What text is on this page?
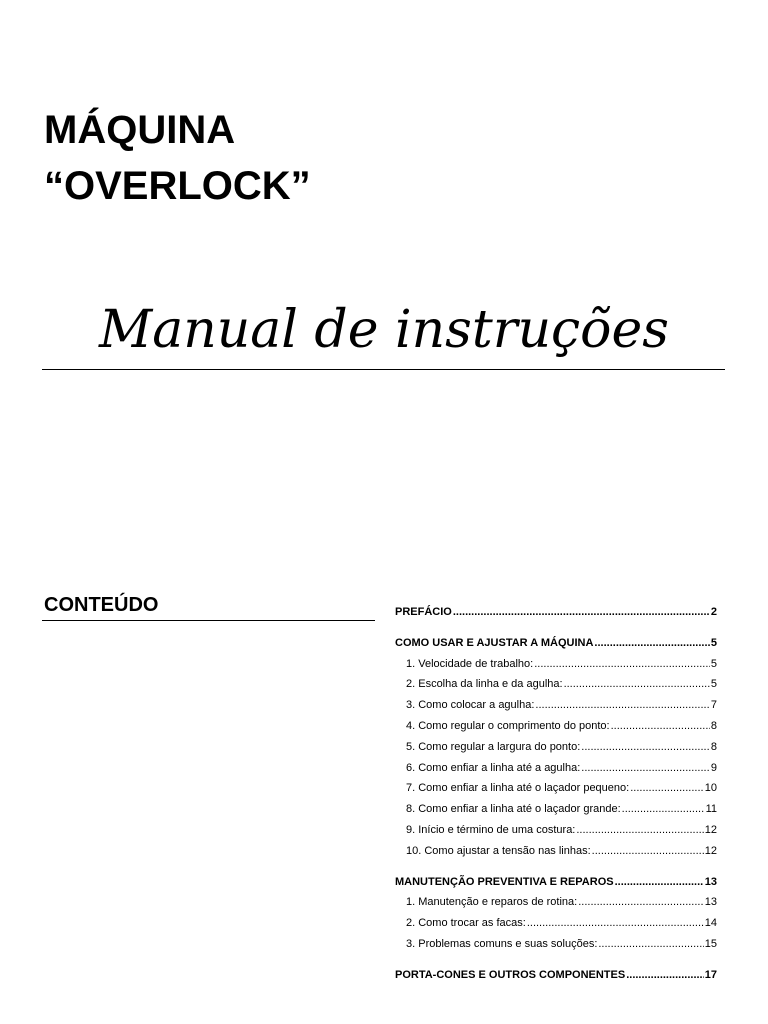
MÁQUINA
“OVERLOCK”
Manual de instruções
CONTEÚDO	PREFÁCIO .....	2
COMO USAR E AJUSTAR A MÁQUINA .....	5
1. Velocidade de trabalho: .....	5
2. Escolha da linha e da agulha: .....	5
3. Como colocar a agulha: .....	7
4. Como regular o comprimento do ponto: .....	8
5. Como regular a largura do ponto: .....	8
6. Como enfiar a linha até a agulha: .....	9
7. Como enfiar a linha até o laçador pequeno: .....	10
8. Como enfiar a linha até o laçador grande: .....	11
9. Início e término de uma costura: .....	12
10. Como ajustar a tensão nas linhas: .....	12
MANUTENÇÃO PREVENTIVA E REPAROS .....	13
1. Manutenção e reparos de rotina: .....	13
2. Como trocar as facas: .....	14
3. Problemas comuns e suas soluções: .....	15
PORTA-CONES E OUTROS COMPONENTES .....	17
